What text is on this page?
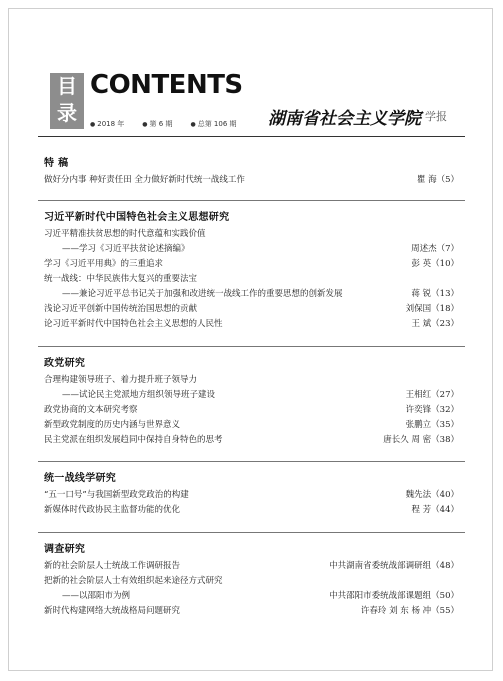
目
录
CONTENTS
● 2018 年	● 第 6 期	● 总第 106 期 湖南省社会主义学院 学报
特 稿
做好分内事 种好责任田 全力做好新时代统一战线工作	瞿 海（5）
习近平新时代中国特色社会主义思想研究
习近平精准扶贫思想的时代意蕴和实践价值
——学习《习近平扶贫论述摘编》	周述杰（7）
学习《习近平用典》的三重追求	彭 英（10）
统一战线：中华民族伟大复兴的重要法宝
——兼论习近平总书记关于加强和改进统一战线工作的重要思想的创新发展	蒋 锐（13）
浅论习近平创新中国传统治国思想的贡献	刘保国（18）
论习近平新时代中国特色社会主义思想的人民性	王 斌（23）
政党研究
合理构建领导班子、着力提升班子领导力
——试论民主党派地方组织领导班子建设	王相红（27）
政党协商的文本研究考察	许奕锋（32）
新型政党制度的历史内涵与世界意义	张鹏立（35）
民主党派在组织发展趋同中保持自身特色的思考	唐长久 周 密（38）
统一战线学研究
“五一口号”与我国新型政党政治的构建	魏先法（40）
新媒体时代政协民主监督功能的优化	程 芳（44）
调查研究
新的社会阶层人士统战工作调研报告	中共湖南省委统战部调研组（48）
把新的社会阶层人士有效组织起来途径方式研究
——以邵阳市为例	中共邵阳市委统战部课题组（50）
新时代构建网络大统战格局问题研究	许春玲 刘 东 杨 冲（55）
